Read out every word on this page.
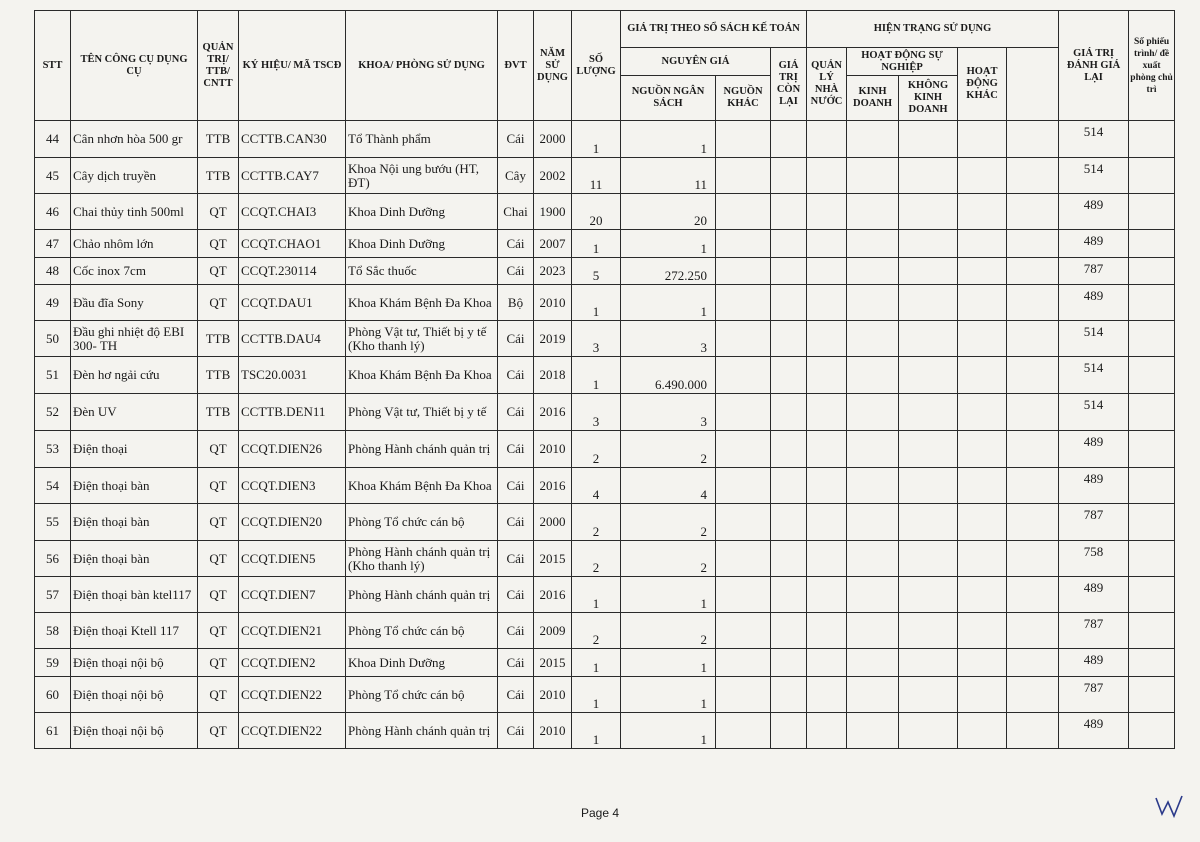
STT	TÊN CÔNG CỤ DỤNG CỤ	QUẢN TRỊ/ TTB/ CNTT	KÝ HIỆU/ MÃ TSCĐ	KHOA/ PHÒNG SỬ DỤNG	ĐVT	NĂM SỬ DỤNG	SỐ LƯỢNG	GIÁ TRỊ THEO SỔ SÁCH KẾ TOÁN			HIỆN TRẠNG SỬ DỤNG					GIÁ TRỊ ĐÁNH GIÁ LẠI	Số phiếu trình/ đề xuất phòng chủ trì	
								NGUYÊN GIÁ		GIÁ TRỊ CÒN LẠI	QUẢN LÝ NHÀ NƯỚC	HOẠT ĐỘNG SỰ NGHIỆP		HOẠT ĐỘNG KHÁC				

								NGUỒN NGÂN SÁCH	NGUỒN KHÁC			KINH DOANH	KHÔNG KINH DOANH					
44	Cân nhơn hòa 500 gr	TTB	CCTTB.CAN30	Tổ Thành phẩm	Cái	2000	1	1								514		
45	Cây dịch truyền	TTB	CCTTB.CAY7	Khoa Nội ung bướu (HT, ĐT)	Cây	2002	11	11								514		
46	Chai thủy tinh 500ml	QT	CCQT.CHAI3	Khoa Dinh Dưỡng	Chai	1900	20	20								489		
47	Chảo nhôm lớn	QT	CCQT.CHAO1	Khoa Dinh Dưỡng	Cái	2007	1	1								489		
48	Cốc inox 7cm	QT	CCQT.230114	Tổ Sắc thuốc	Cái	2023	5	272.250								787		
49	Đầu đĩa Sony	QT	CCQT.DAU1	Khoa Khám Bệnh Đa Khoa	Bộ	2010	1	1								489		
50	Đầu ghi nhiệt độ EBI 300- TH	TTB	CCTTB.DAU4	Phòng Vật tư, Thiết bị y tế (Kho thanh lý)	Cái	2019	3	3								514		
51	Đèn hơ ngải cứu	TTB	TSC20.0031	Khoa Khám Bệnh Đa Khoa	Cái	2018	1	6.490.000								514		
52	Đèn UV	TTB	CCTTB.DEN11	Phòng Vật tư, Thiết bị y tế	Cái	2016	3	3								514		
53	Điện thoại	QT	CCQT.DIEN26	Phòng Hành chánh quản trị	Cái	2010	2	2								489		
54	Điện thoại bàn	QT	CCQT.DIEN3	Khoa Khám Bệnh Đa Khoa	Cái	2016	4	4								489		
55	Điện thoại bàn	QT	CCQT.DIEN20	Phòng Tổ chức cán bộ	Cái	2000	2	2								787		
56	Điện thoại bàn	QT	CCQT.DIEN5	Phòng Hành chánh quản trị (Kho thanh lý)	Cái	2015	2	2								758		
57	Điện thoại bàn ktel117	QT	CCQT.DIEN7	Phòng Hành chánh quản trị	Cái	2016	1	1								489		
58	Điện thoại Ktell 117	QT	CCQT.DIEN21	Phòng Tổ chức cán bộ	Cái	2009	2	2								787		
59	Điện thoại nội bộ	QT	CCQT.DIEN2	Khoa Dinh Dưỡng	Cái	2015	1	1								489		
60	Điện thoại nội bộ	QT	CCQT.DIEN22	Phòng Tổ chức cán bộ	Cái	2010	1	1								787		
61	Điện thoại nội bộ	QT	CCQT.DIEN22	Phòng Hành chánh quản trị	Cái	2010	1	1								489		
Page 4
